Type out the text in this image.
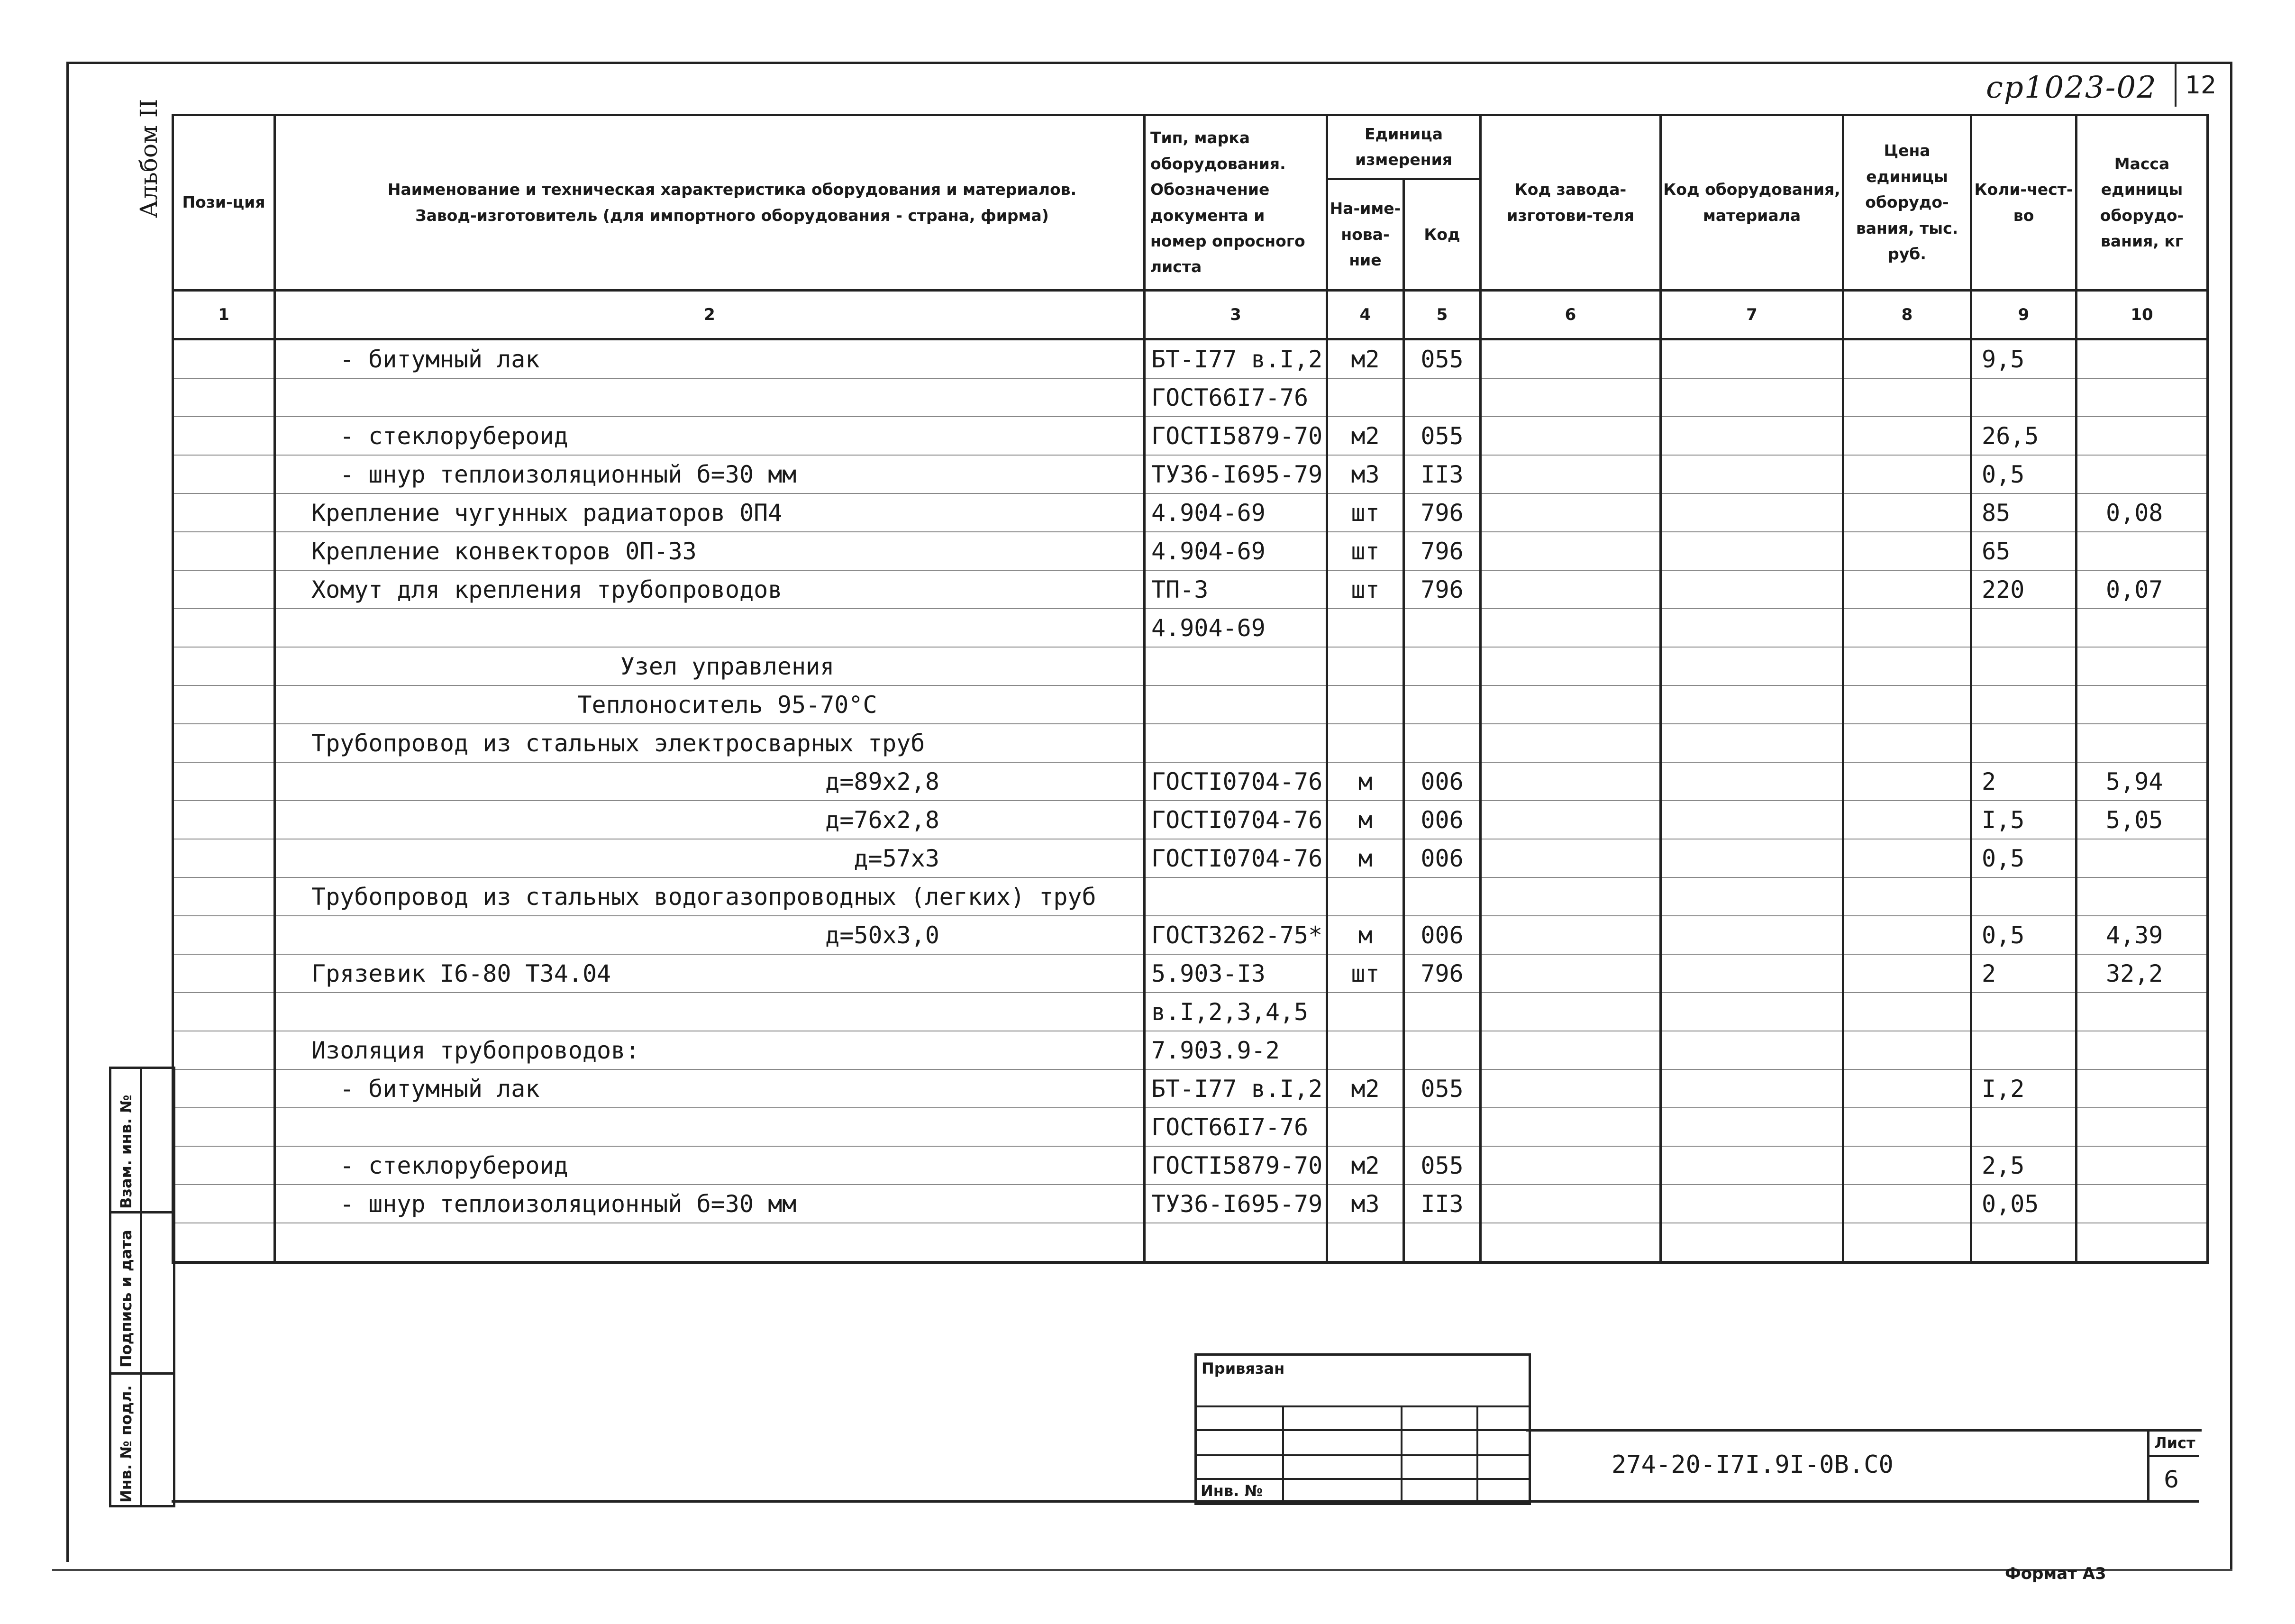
ср1023-02 12
Альбом II Пози-ция	Наименование и техническая характеристика оборудования и материалов.
Завод-изготовитель (для импортного оборудования - страна, фирма)	Тип, марка оборудования. Обозначение документа и номер опросного листа	Единица измерения		Код завода-изготови-теля	Код оборудования, материала	Цена единицы оборудо-вания, тыс. руб.	Коли-чест-во	Масса единицы оборудо-вания, кг
			На-име-нова-ние	Код					
1	2	3	4	5	6	7	8	9	10
	- битумный лак	БТ-I77 в.I,2	м2	055				9,5	
		ГОСТ66I7-76							
	- стеклорубероид	ГОСТI5879-70	м2	055				26,5	
	- шнур теплоизоляционный б=30 мм	ТУ36-I695-79	м3	II3				0,5	
	Крепление чугунных радиаторов 0П4	4.904-69	шт	796				85	0,08
	Крепление конвекторов 0П-33	4.904-69	шт	796				65	
	Хомут для крепления трубопроводов	ТП-3	шт	796				220	0,07
		4.904-69							
	Узел управления								
	Теплоноситель 95-70°С								
	Трубопровод из стальных электросварных труб								
	д=89х2,8	ГОСТI0704-76	м	006				2	5,94
	д=76х2,8	ГОСТI0704-76	м	006				I,5	5,05
	д=57х3	ГОСТI0704-76	м	006				0,5	
	Трубопровод из стальных водогазопроводных (легких) труб								
	д=50х3,0	ГОСТ3262-75*	м	006				0,5	4,39
	Грязевик I6-80 Т34.04	5.903-I3	шт	796				2	32,2
		в.I,2,3,4,5							
	Изоляция трубопроводов:	7.903.9-2							
	- битумный лак	БТ-I77 в.I,2	м2	055				I,2	
		ГОСТ66I7-76							
	- стеклорубероид	ГОСТI5879-70	м2	055				2,5	
	- шнур теплоизоляционный б=30 мм	ТУ36-I695-79	м3	II3				0,05	

Взам. инв. №
Подпись и дата
Инв. № подл.
Привязан
Инв. №
274-20-I7I.9I-0В.С0
Лист
6
Формат А3
